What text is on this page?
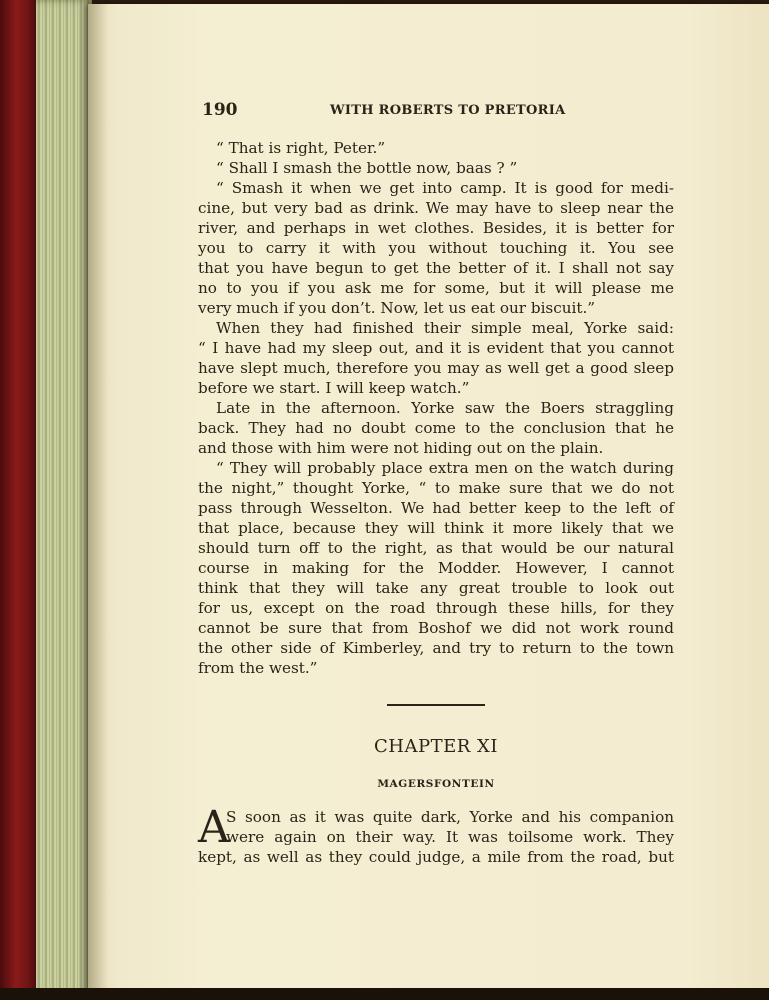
190	WITH ROBERTS TO PRETORIA
“ That is right, Peter.”
“ Shall I smash the bottle now, baas ? ”
“ Smash it when we get into camp. It is good for medi-
cine, but very bad as drink. We may have to sleep near the
river, and perhaps in wet clothes. Besides, it is better for
you to carry it with you without touching it. You see
that you have begun to get the better of it. I shall not say
no to you if you ask me for some, but it will please me
very much if you don’t. Now, let us eat our biscuit.”
When they had finished their simple meal, Yorke said:
“ I have had my sleep out, and it is evident that you cannot
have slept much, therefore you may as well get a good sleep
before we start. I will keep watch.”
Late in the afternoon. Yorke saw the Boers straggling
back. They had no doubt come to the conclusion that he
and those with him were not hiding out on the plain.
“ They will probably place extra men on the watch during
the night,” thought Yorke, “ to make sure that we do not
pass through Wesselton. We had better keep to the left of
that place, because they will think it more likely that we
should turn off to the right, as that would be our natural
course in making for the Modder. However, I cannot
think that they will take any great trouble to look out
for us, except on the road through these hills, for they
cannot be sure that from Boshof we did not work round
the other side of Kimberley, and try to return to the town
from the west.”
CHAPTER XI
MAGERSFONTEIN
A
S soon as it was quite dark, Yorke and his companion
were again on their way. It was toilsome work. They
kept, as well as they could judge, a mile from the road, but
